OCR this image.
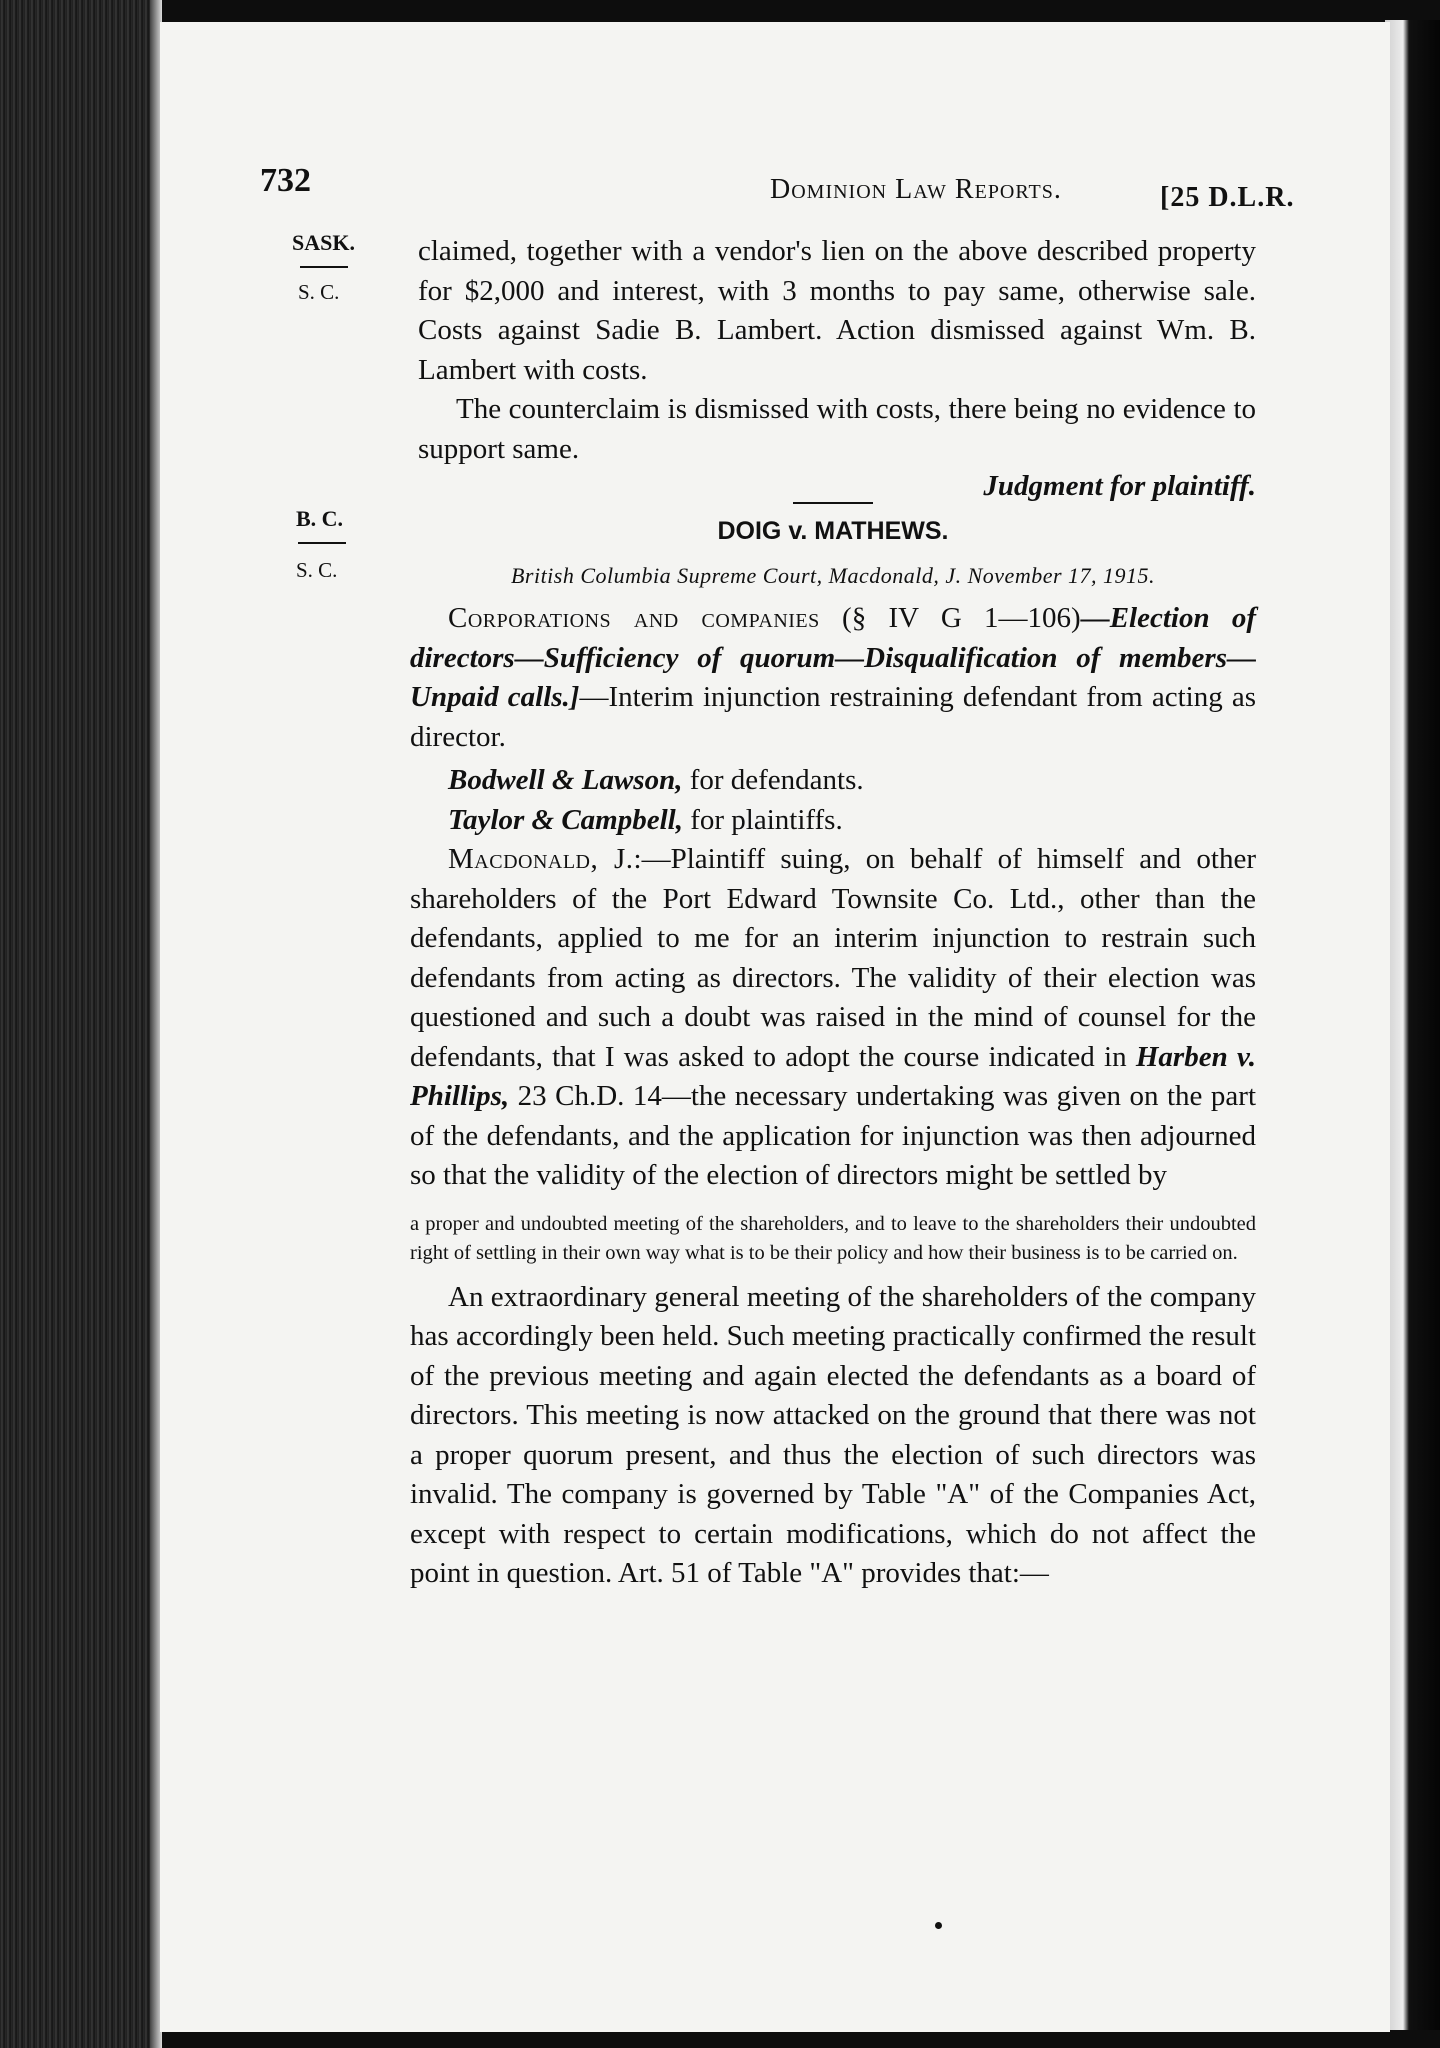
732	Dominion Law Reports.	[25 D.L.R.
SASK.
S. C.
B. C.
S. C.

claimed, together with a vendor's lien on the above described property for $2,000 and interest, with 3 months to pay same, otherwise sale. Costs against Sadie B. Lambert. Action dismissed against Wm. B. Lambert with costs.

The counterclaim is dismissed with costs, there being no evidence to support same.

Judgment for plaintiff.

DOIG v. MATHEWS.
British Columbia Supreme Court, Macdonald, J. November 17, 1915.

Corporations and companies (§ IV G 1—106)—Election of directors—Sufficiency of quorum—Disqualification of members—Unpaid calls.]—Interim injunction restraining defendant from acting as director.

Bodwell & Lawson, for defendants.

Taylor & Campbell, for plaintiffs.

Macdonald, J.:—Plaintiff suing, on behalf of himself and other shareholders of the Port Edward Townsite Co. Ltd., other than the defendants, applied to me for an interim injunction to restrain such defendants from acting as directors. The validity of their election was questioned and such a doubt was raised in the mind of counsel for the defendants, that I was asked to adopt the course indicated in Harben v. Phillips, 23 Ch.D. 14—the necessary undertaking was given on the part of the defendants, and the application for injunction was then adjourned so that the validity of the election of directors might be settled by

a proper and undoubted meeting of the shareholders, and to leave to the shareholders their undoubted right of settling in their own way what is to be their policy and how their business is to be carried on.

An extraordinary general meeting of the shareholders of the company has accordingly been held. Such meeting practically confirmed the result of the previous meeting and again elected the defendants as a board of directors. This meeting is now attacked on the ground that there was not a proper quorum present, and thus the election of such directors was invalid. The company is governed by Table "A" of the Companies Act, except with respect to certain modifications, which do not affect the point in question. Art. 51 of Table "A" provides that:—
